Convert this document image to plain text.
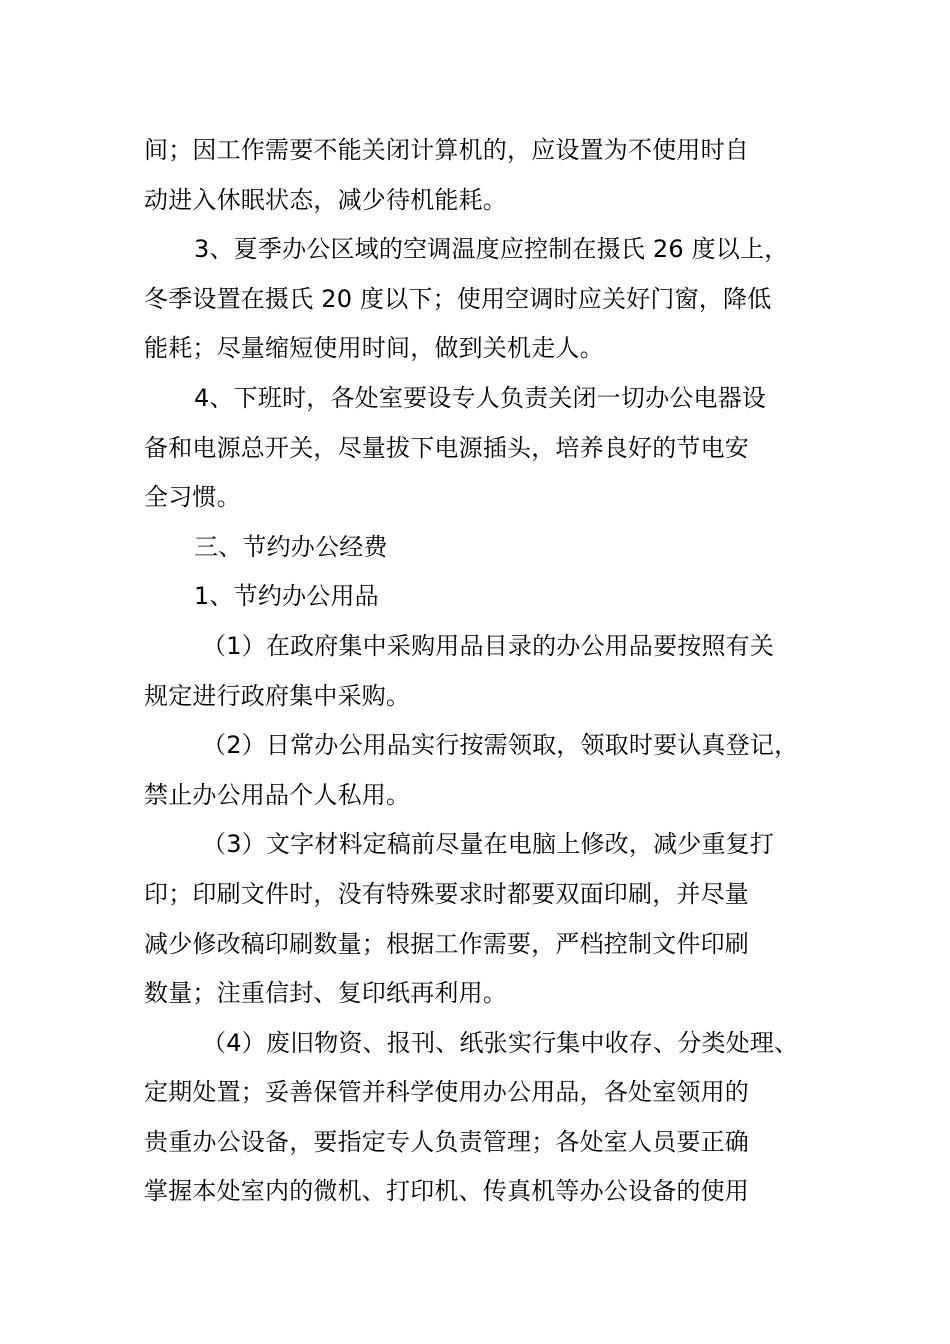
间；因工作需要不能关闭计算机的，应设置为不使用时自
动进入休眠状态，减少待机能耗。
3、夏季办公区域的空调温度应控制在摄氏 26 度以上，
冬季设置在摄氏 20 度以下；使用空调时应关好门窗，降低
能耗；尽量缩短使用时间，做到关机走人。
4、下班时，各处室要设专人负责关闭一切办公电器设
备和电源总开关，尽量拔下电源插头，培养良好的节电安
全习惯。
三、节约办公经费
1、节约办公用品
（1）在政府集中采购用品目录的办公用品要按照有关
规定进行政府集中采购。
（2）日常办公用品实行按需领取，领取时要认真登记，
禁止办公用品个人私用。
（3）文字材料定稿前尽量在电脑上修改，减少重复打
印；印刷文件时，没有特殊要求时都要双面印刷，并尽量
减少修改稿印刷数量；根据工作需要，严档控制文件印刷
数量；注重信封、复印纸再利用。
（4）废旧物资、报刊、纸张实行集中收存、分类处理、
定期处置；妥善保管并科学使用办公用品，各处室领用的
贵重办公设备，要指定专人负责管理；各处室人员要正确
掌握本处室内的微机、打印机、传真机等办公设备的使用
